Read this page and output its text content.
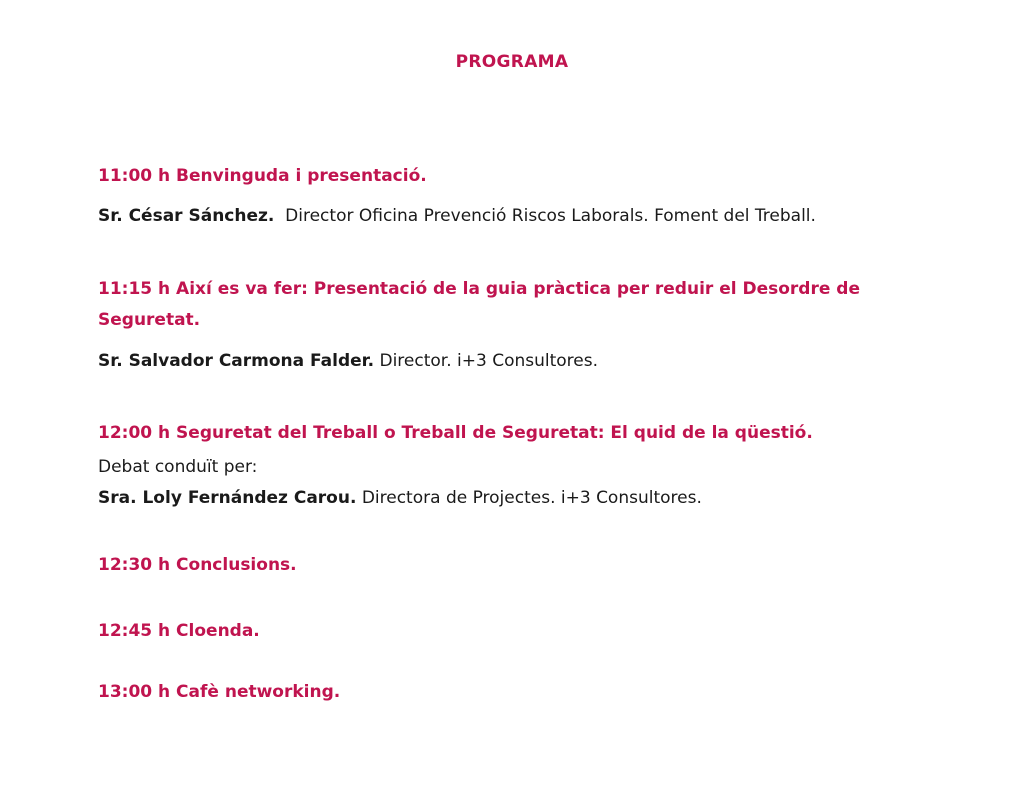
PROGRAMA

11:00 h Benvinguda i presentació.

Sr. César Sánchez.  Director Oficina Prevenció Riscos Laborals. Foment del Treball.

11:15 h Així es va fer: Presentació de la guia pràctica per reduir el Desordre de Seguretat.

Sr. Salvador Carmona Falder. Director. i+3 Consultores.

12:00 h Seguretat del Treball o Treball de Seguretat: El quid de la qüestió.

Debat conduït per:

Sra. Loly Fernández Carou. Directora de Projectes. i+3 Consultores.

12:30 h Conclusions.

12:45 h Cloenda.

13:00 h Cafè networking.
